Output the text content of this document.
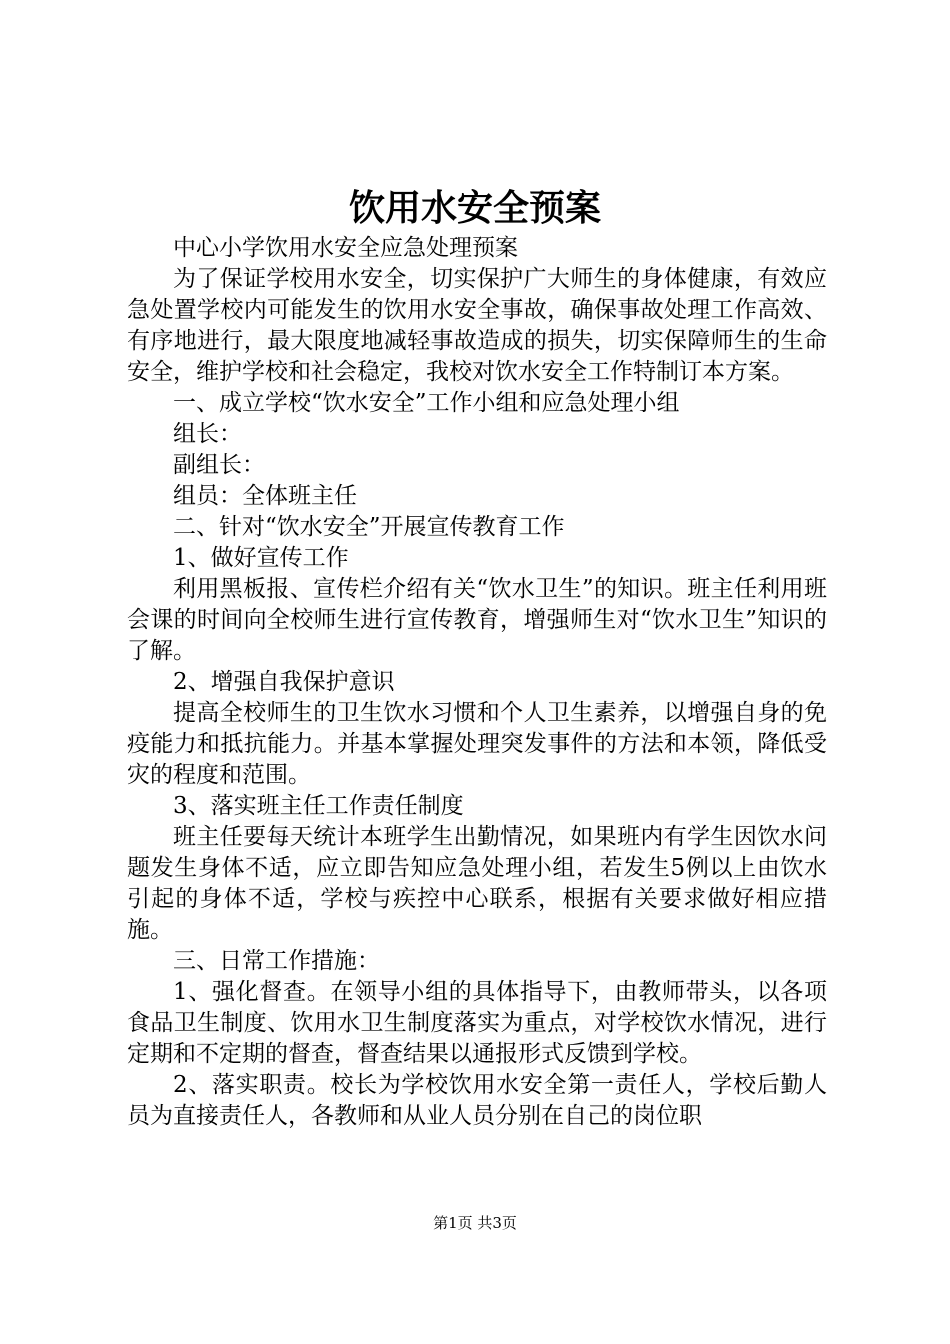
饮用水安全预案

中心小学饮用水安全应急处理预案

为了保证学校用水安全，切实保护广大师生的身体健康，有效应急处置学校内可能发生的饮用水安全事故，确保事故处理工作高效、有序地进行，最大限度地减轻事故造成的损失，切实保障师生的生命安全，维护学校和社会稳定，我校对饮水安全工作特制订本方案。

一、成立学校“饮水安全”工作小组和应急处理小组

组长：

副组长：

组员：全体班主任

二、针对“饮水安全”开展宣传教育工作

1、做好宣传工作

利用黑板报、宣传栏介绍有关“饮水卫生”的知识。班主任利用班会课的时间向全校师生进行宣传教育，增强师生对“饮水卫生”知识的了解。

2、增强自我保护意识

提高全校师生的卫生饮水习惯和个人卫生素养，以增强自身的免疫能力和抵抗能力。并基本掌握处理突发事件的方法和本领，降低受灾的程度和范围。

3、落实班主任工作责任制度

班主任要每天统计本班学生出勤情况，如果班内有学生因饮水问题发生身体不适，应立即告知应急处理小组，若发生5例以上由饮水引起的身体不适，学校与疾控中心联系，根据有关要求做好相应措施。

三、日常工作措施：

1、强化督查。在领导小组的具体指导下，由教师带头，以各项食品卫生制度、饮用水卫生制度落实为重点，对学校饮水情况，进行定期和不定期的督查，督查结果以通报形式反馈到学校。

2、落实职责。校长为学校饮用水安全第一责任人，学校后勤人员为直接责任人，各教师和从业人员分别在自己的岗位职

第1页 共3页
